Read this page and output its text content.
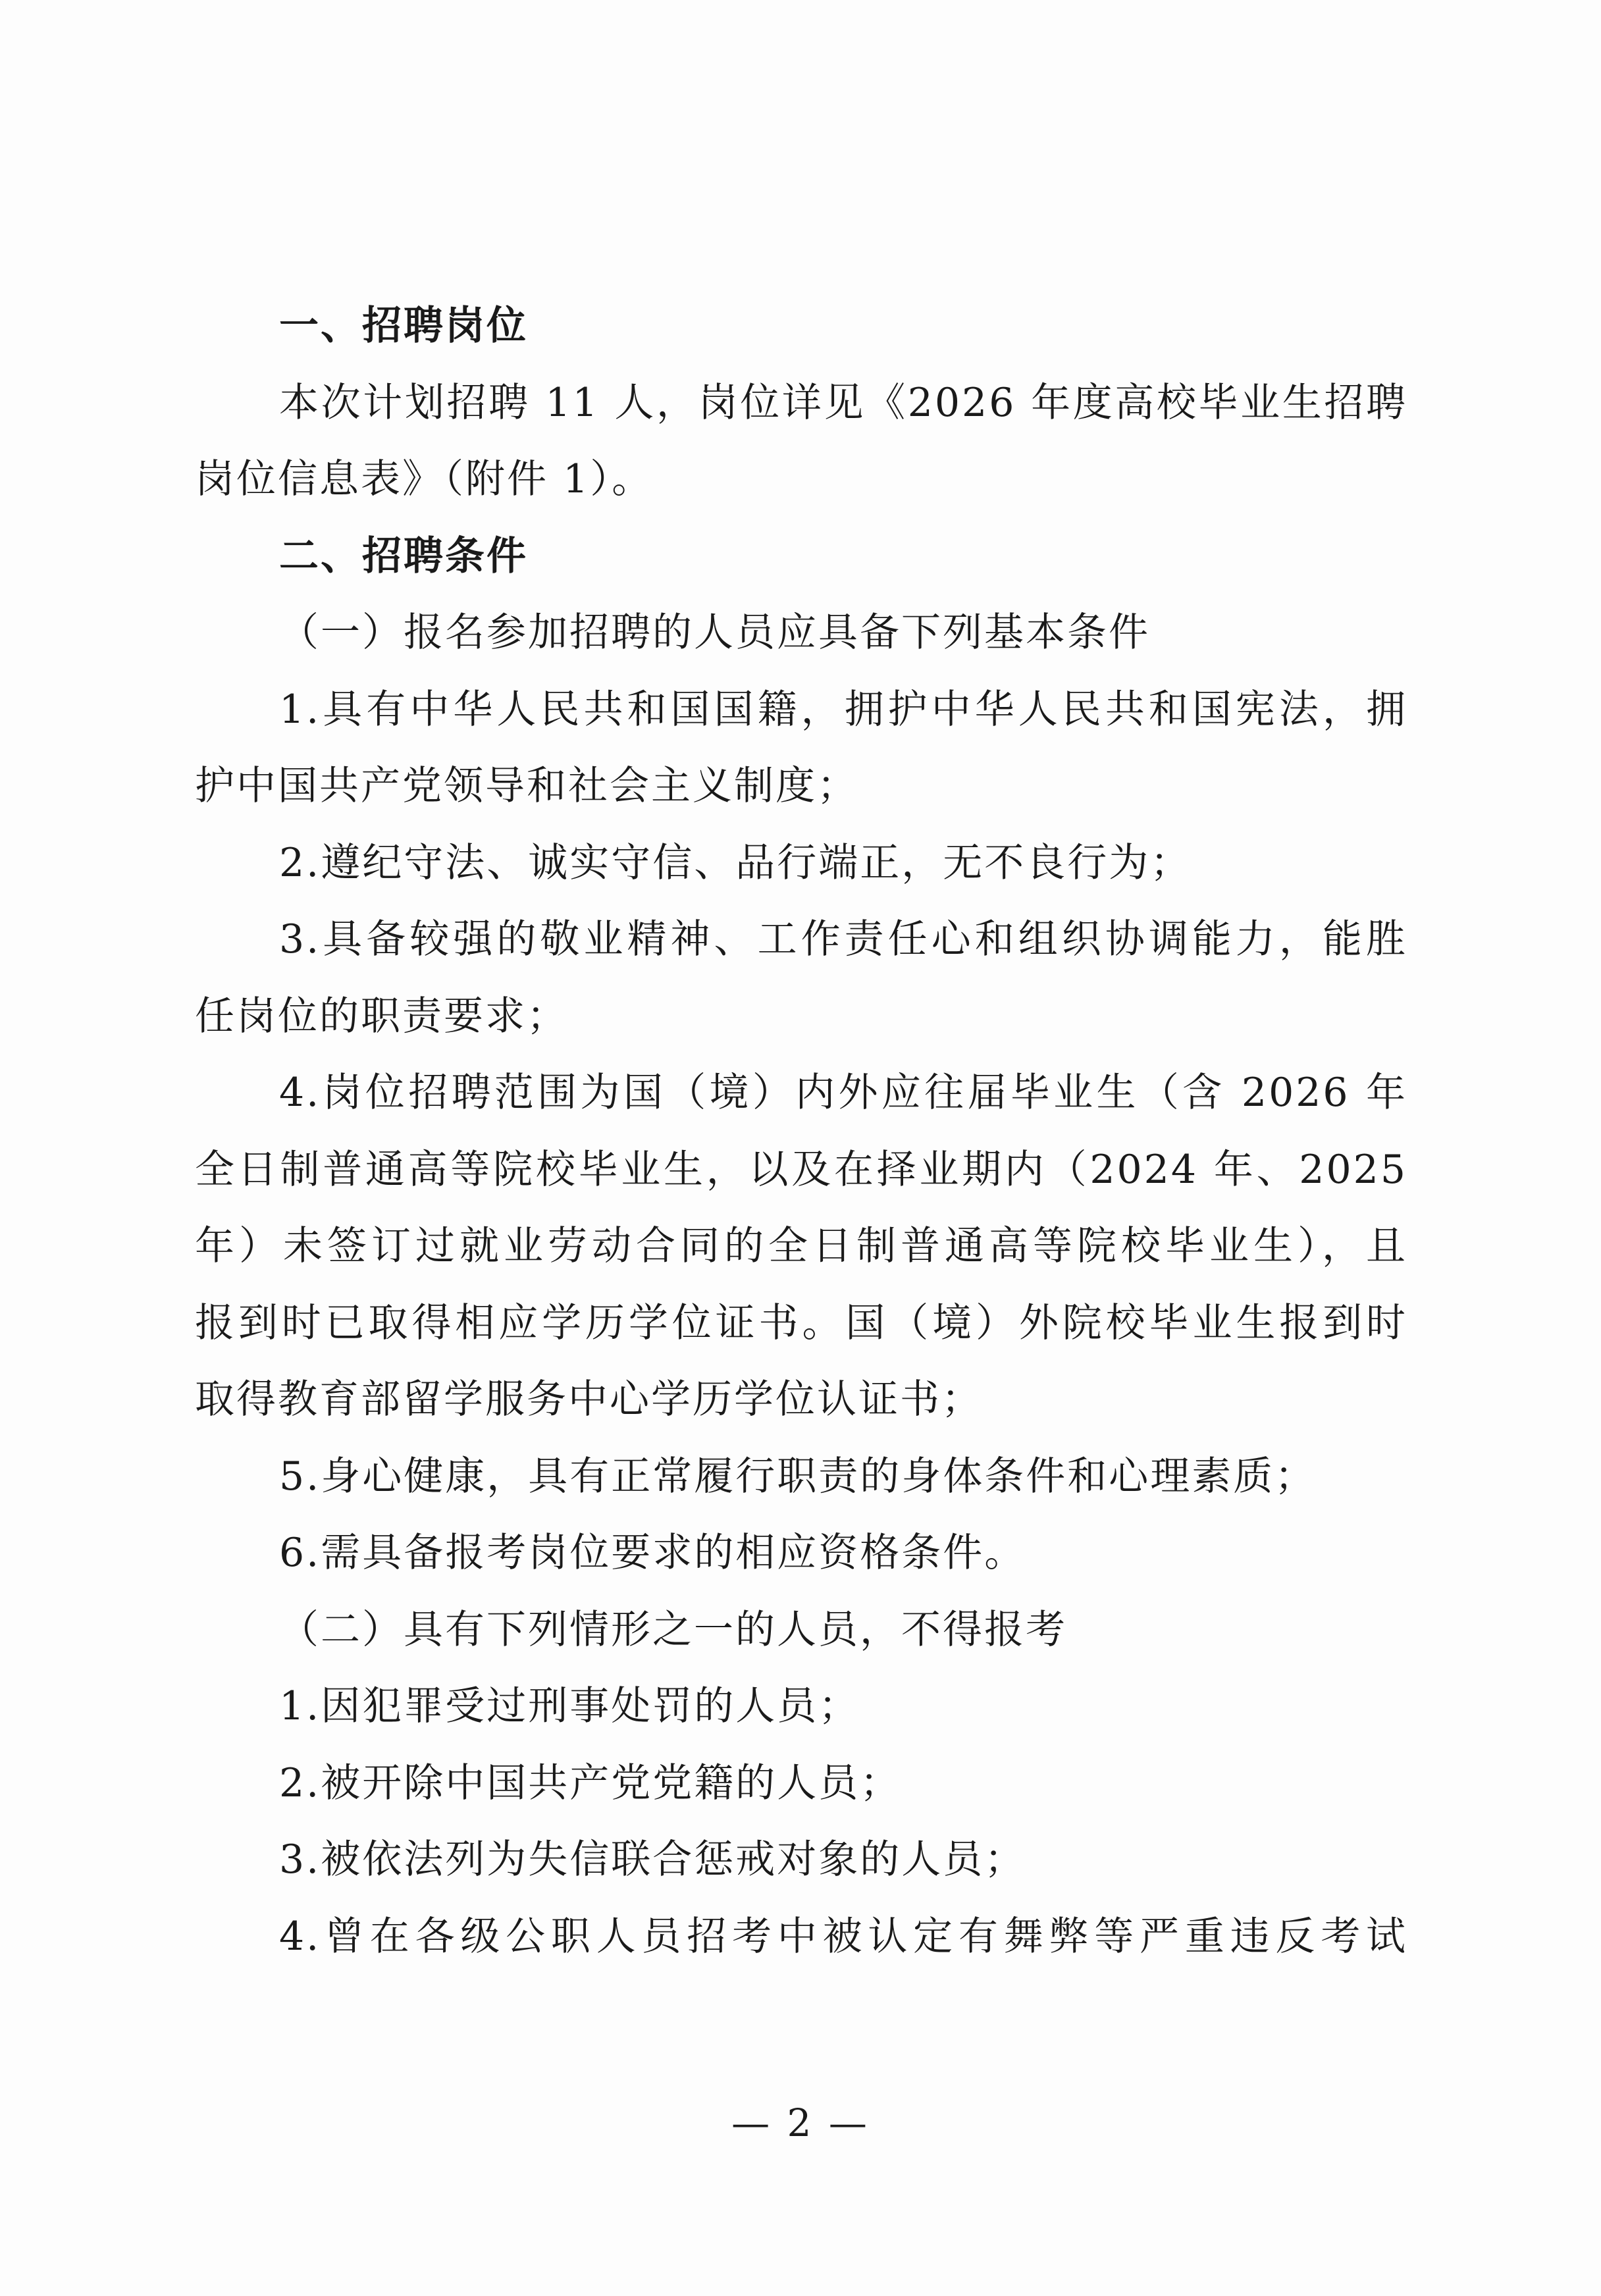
一、招聘岗位
本次计划招聘 11 人，岗位详见《2026 年度高校毕业生招聘
岗位信息表》（附件 1）。
二、招聘条件
（一）报名参加招聘的人员应具备下列基本条件
1.具有中华人民共和国国籍，拥护中华人民共和国宪法，拥
护中国共产党领导和社会主义制度；
2.遵纪守法、诚实守信、品行端正，无不良行为；
3.具备较强的敬业精神、工作责任心和组织协调能力，能胜
任岗位的职责要求；
4.岗位招聘范围为国（境）内外应往届毕业生（含 2026 年
全日制普通高等院校毕业生，以及在择业期内（2024 年、2025
年）未签订过就业劳动合同的全日制普通高等院校毕业生），且
报到时已取得相应学历学位证书。国（境）外院校毕业生报到时
取得教育部留学服务中心学历学位认证书；
5.身心健康，具有正常履行职责的身体条件和心理素质；
6.需具备报考岗位要求的相应资格条件。
（二）具有下列情形之一的人员，不得报考
1.因犯罪受过刑事处罚的人员；
2.被开除中国共产党党籍的人员；
3.被依法列为失信联合惩戒对象的人员；
4.曾在各级公职人员招考中被认定有舞弊等严重违反考试
— 2 —
